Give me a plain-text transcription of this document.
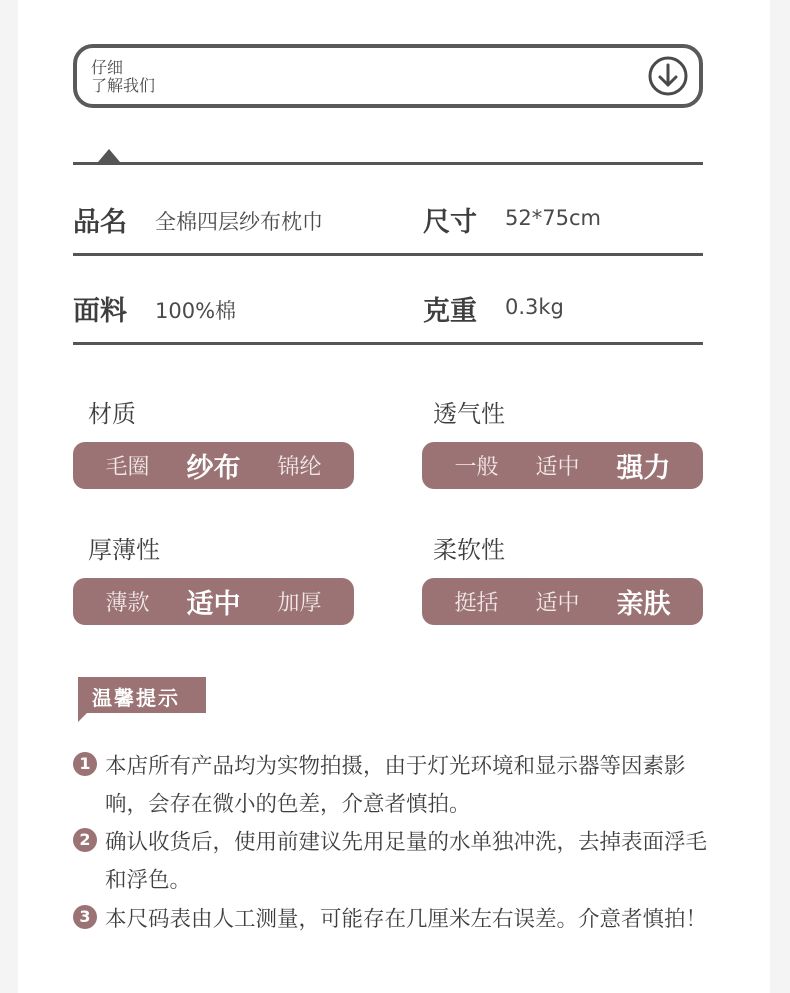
仔细
了解我们
品名 全棉四层纱布枕巾	尺寸 52*75cm
面料 100%棉	克重 0.3kg
材质
毛圈 纱布 锦纶
透气性
一般 适中 强力
厚薄性
薄款 适中 加厚
柔软性
挺括 适中 亲肤
温馨提示
1 本店所有产品均为实物拍摄，由于灯光环境和显示器等因素影响，会存在微小的色差，介意者慎拍。
2 确认收货后，使用前建议先用足量的水单独冲洗，去掉表面浮毛和浮色。
3 本尺码表由人工测量，可能存在几厘米左右误差。介意者慎拍！
